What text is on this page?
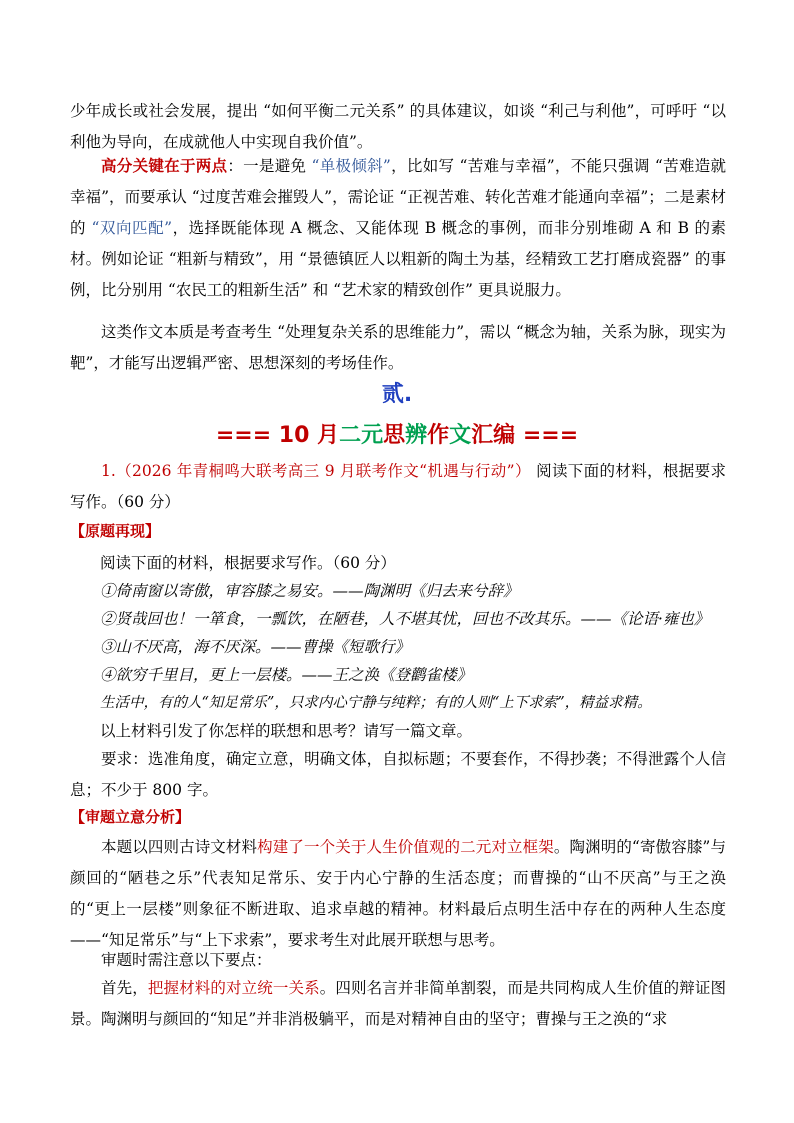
少年成长或社会发展，提出 “如何平衡二元关系” 的具体建议，如谈 “利己与利他”，可呼吁 “以利他为导向，在成就他人中实现自我价值”。

高分关键在于两点：一是避免 “单极倾斜”，比如写 “苦难与幸福”，不能只强调 “苦难造就幸福”，而要承认 “过度苦难会摧毁人”，需论证 “正视苦难、转化苦难才能通向幸福”；二是素材的 “双向匹配”，选择既能体现 A 概念、又能体现 B 概念的事例，而非分别堆砌 A 和 B 的素材。例如论证 “粗新与精致”，用 “景德镇匠人以粗新的陶土为基，经精致工艺打磨成瓷器” 的事例，比分别用 “农民工的粗新生活” 和 “艺术家的精致创作” 更具说服力。

这类作文本质是考查考生 “处理复杂关系的思维能力”，需以 “概念为轴，关系为脉，现实为靶”，才能写出逻辑严密、思想深刻的考场佳作。

贰.
=== 10 月二元思辨作文汇编 ===

1.（2026 年青桐鸣大联考高三 9 月联考作文“机遇与行动”） 阅读下面的材料，根据要求写作。（60 分）

【原题再现】

阅读下面的材料，根据要求写作。（60 分）

①倚南窗以寄傲，审容膝之易安。——陶渊明《归去来兮辞》

②贤哉回也！一箪食，一瓢饮，在陋巷，人不堪其忧，回也不改其乐。——《论语·雍也》

③山不厌高，海不厌深。——曹操《短歌行》

④欲穷千里目，更上一层楼。——王之涣《登鹳雀楼》

生活中，有的人“知足常乐”，只求内心宁静与纯粹；有的人则“上下求索”，精益求精。

以上材料引发了你怎样的联想和思考？请写一篇文章。

要求：选准角度，确定立意，明确文体，自拟标题；不要套作，不得抄袭；不得泄露个人信息；不少于 800 字。

【审题立意分析】

本题以四则古诗文材料构建了一个关于人生价值观的二元对立框架。陶渊明的“寄傲容膝”与颜回的“陋巷之乐”代表知足常乐、安于内心宁静的生活态度；而曹操的“山不厌高”与王之涣的“更上一层楼”则象征不断进取、追求卓越的精神。材料最后点明生活中存在的两种人生态度——“知足常乐”与“上下求索”，要求考生对此展开联想与思考。

审题时需注意以下要点：

首先，把握材料的对立统一关系。四则名言并非简单割裂，而是共同构成人生价值的辩证图景。陶渊明与颜回的“知足”并非消极躺平，而是对精神自由的坚守；曹操与王之涣的“求
